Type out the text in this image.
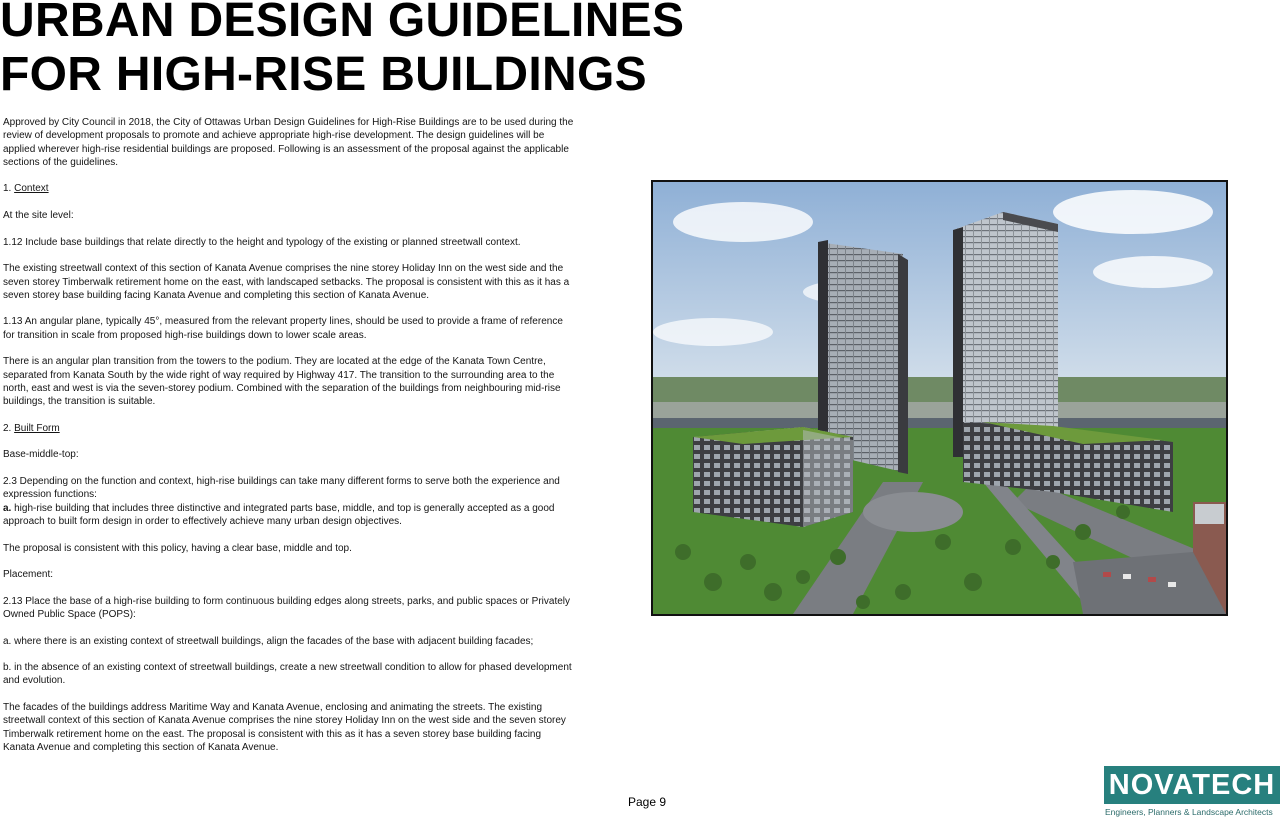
URBAN DESIGN GUIDELINES
FOR HIGH-RISE BUILDINGS

Approved by City Council in 2018, the City of Ottawas Urban Design Guidelines for High-Rise Buildings are to be used during the review of development proposals to promote and achieve appropriate high-rise development. The design guidelines will be applied wherever high-rise residential buildings are proposed. Following is an assessment of the proposal against the applicable sections of the guidelines.

1. Context

At the site level:

1.12 Include base buildings that relate directly to the height and typology of the existing or planned streetwall context.

The existing streetwall context of this section of Kanata Avenue comprises the nine storey Holiday Inn on the west side and the seven storey Timberwalk retirement home on the east, with landscaped setbacks. The proposal is consistent with this as it has a seven storey base building facing Kanata Avenue and completing this section of Kanata Avenue.

1.13 An angular plane, typically 45°, measured from the relevant property lines, should be used to provide a frame of reference for transition in scale from proposed high-rise buildings down to lower scale areas.

There is an angular plan transition from the towers to the podium. They are located at the edge of the Kanata Town Centre, separated from Kanata South by the wide right of way required by Highway 417. The transition to the surrounding area to the north, east and west is via the seven-storey podium. Combined with the separation of the buildings from neighbouring mid-rise buildings, the transition is suitable.

2. Built Form

Base-middle-top:

2.3 Depending on the function and context, high-rise buildings can take many different forms to serve both the experience and expression functions:
a. high-rise building that includes three distinctive and integrated parts base, middle, and top is generally accepted as a good approach to built form design in order to effectively achieve many urban design objectives.

The proposal is consistent with this policy, having a clear base, middle and top.

Placement:

2.13 Place the base of a high-rise building to form continuous building edges along streets, parks, and public spaces or Privately Owned Public Space (POPS):

a. where there is an existing context of streetwall buildings, align the facades of the base with adjacent building facades;

b. in the absence of an existing context of streetwall buildings, create a new streetwall condition to allow for phased development and evolution.

The facades of the buildings address Maritime Way and Kanata Avenue, enclosing and animating the streets. The existing streetwall context of this section of Kanata Avenue comprises the nine storey Holiday Inn on the west side and the seven storey Timberwalk retirement home on the east. The proposal is consistent with this as it has a seven storey base building facing Kanata Avenue and completing this section of Kanata Avenue.

Page 9
NOVATECH
Engineers, Planners & Landscape Architects
